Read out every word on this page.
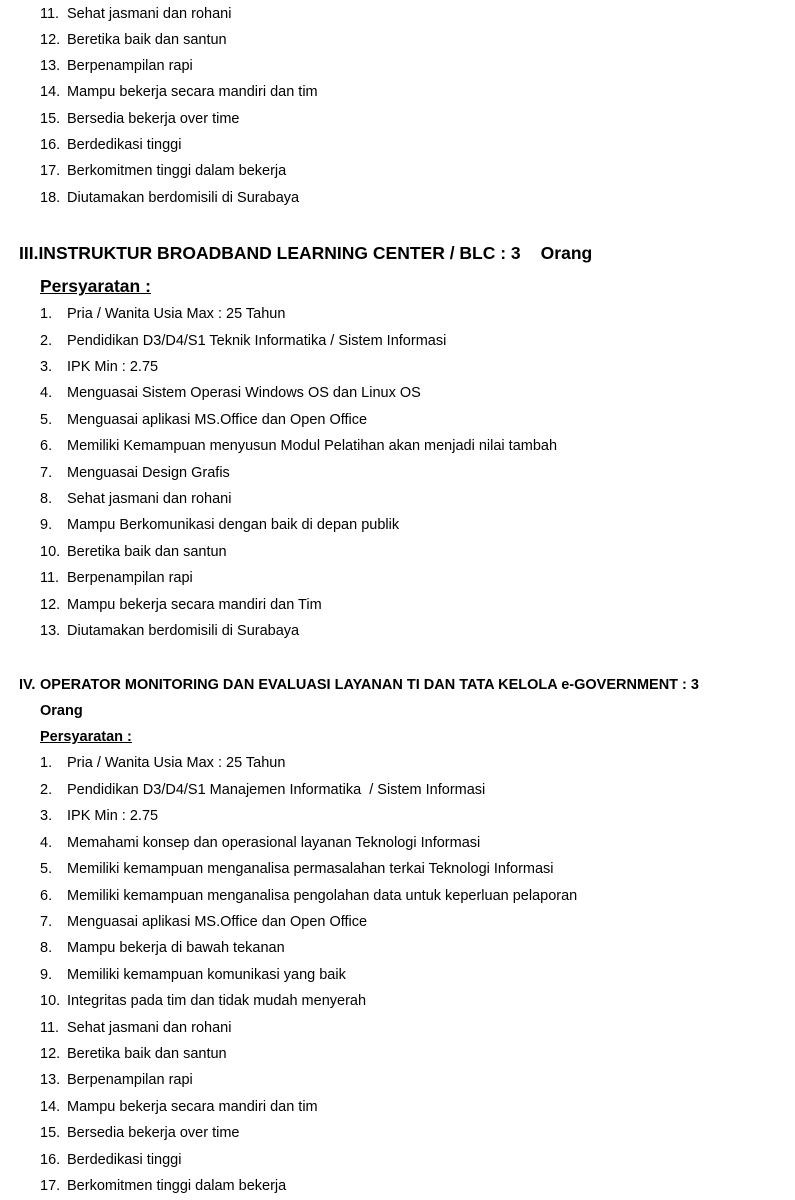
11. Sehat jasmani dan rohani
12. Beretika baik dan santun
13. Berpenampilan rapi
14. Mampu bekerja secara mandiri dan tim
15. Bersedia bekerja over time
16. Berdedikasi tinggi
17. Berkomitmen tinggi dalam bekerja
18. Diutamakan berdomisili di Surabaya
III.INSTRUKTUR BROADBAND LEARNING CENTER / BLC : 3 Orang
Persyaratan :
1. Pria / Wanita Usia Max : 25 Tahun
2. Pendidikan D3/D4/S1 Teknik Informatika / Sistem Informasi
3. IPK Min : 2.75
4. Menguasai Sistem Operasi Windows OS dan Linux OS
5. Menguasai aplikasi MS.Office dan Open Office
6. Memiliki Kemampuan menyusun Modul Pelatihan akan menjadi nilai tambah
7. Menguasai Design Grafis
8. Sehat jasmani dan rohani
9. Mampu Berkomunikasi dengan baik di depan publik
10. Beretika baik dan santun
11. Berpenampilan rapi
12. Mampu bekerja secara mandiri dan Tim
13. Diutamakan berdomisili di Surabaya
IV. OPERATOR MONITORING DAN EVALUASI LAYANAN TI DAN TATA KELOLA e-GOVERNMENT : 3
Orang
Persyaratan :
1. Pria / Wanita Usia Max : 25 Tahun
2. Pendidikan D3/D4/S1 Manajemen Informatika  / Sistem Informasi
3. IPK Min : 2.75
4. Memahami konsep dan operasional layanan Teknologi Informasi
5. Memiliki kemampuan menganalisa permasalahan terkai Teknologi Informasi
6. Memiliki kemampuan menganalisa pengolahan data untuk keperluan pelaporan
7. Menguasai aplikasi MS.Office dan Open Office
8. Mampu bekerja di bawah tekanan
9. Memiliki kemampuan komunikasi yang baik
10. Integritas pada tim dan tidak mudah menyerah
11. Sehat jasmani dan rohani
12. Beretika baik dan santun
13. Berpenampilan rapi
14. Mampu bekerja secara mandiri dan tim
15. Bersedia bekerja over time
16. Berdedikasi tinggi
17. Berkomitmen tinggi dalam bekerja
